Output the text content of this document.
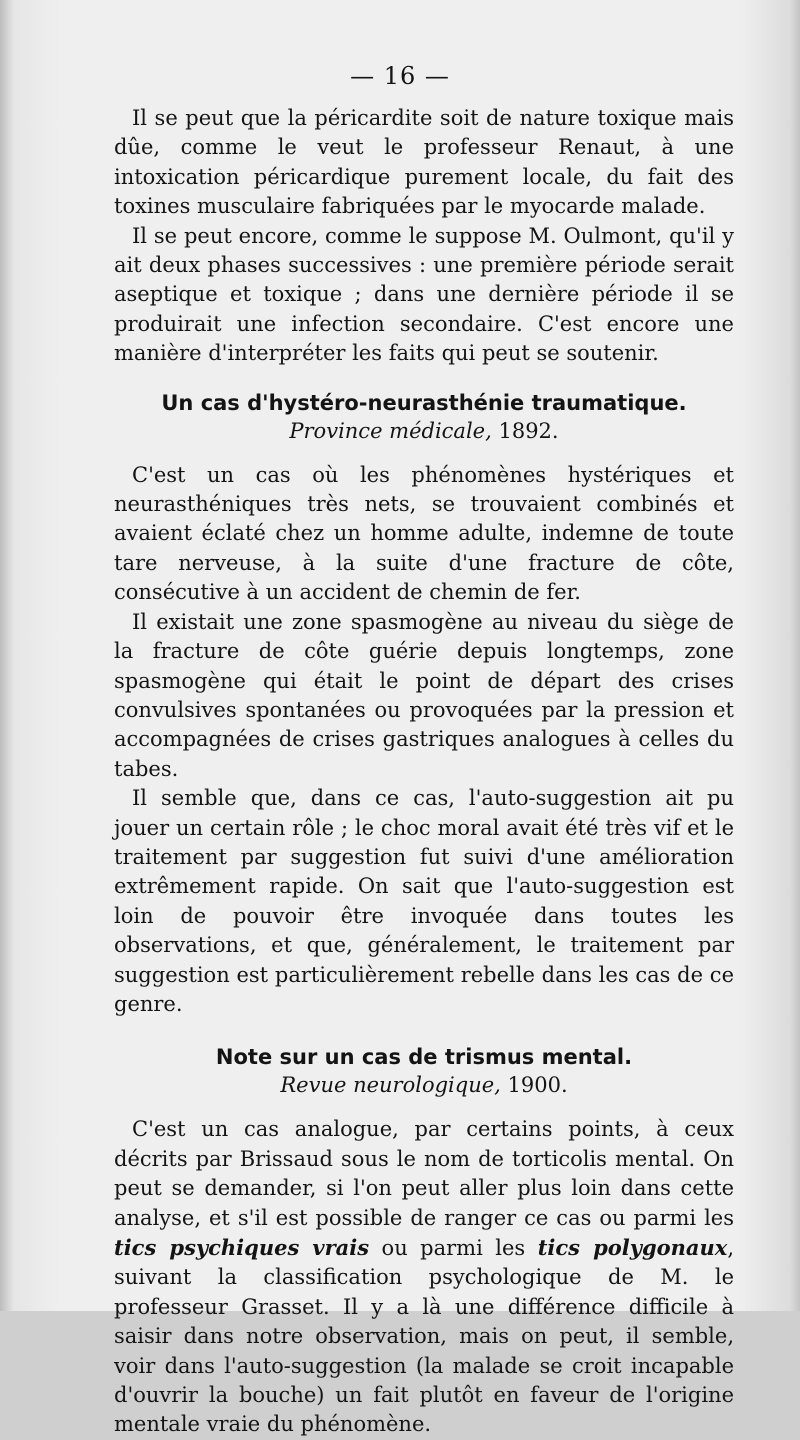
— 16 —

Il se peut que la péricardite soit de nature toxique mais dûe, comme le veut le professeur Renaut, à une intoxication péricardique purement locale, du fait des toxines musculaire fabriquées par le myocarde malade.

Il se peut encore, comme le suppose M. Oulmont, qu'il y ait deux phases successives : une première période serait aseptique et toxique ; dans une dernière période il se produirait une infection secondaire. C'est encore une manière d'interpréter les faits qui peut se soutenir.

Un cas d'hystéro-neurasthénie traumatique.
Province médicale, 1892.

C'est un cas où les phénomènes hystériques et neurasthéniques très nets, se trouvaient combinés et avaient éclaté chez un homme adulte, indemne de toute tare nerveuse, à la suite d'une fracture de côte, consécutive à un accident de chemin de fer.

Il existait une zone spasmogène au niveau du siège de la fracture de côte guérie depuis longtemps, zone spasmogène qui était le point de départ des crises convulsives spontanées ou provoquées par la pression et accompagnées de crises gastriques analogues à celles du tabes.

Il semble que, dans ce cas, l'auto-suggestion ait pu jouer un certain rôle ; le choc moral avait été très vif et le traitement par suggestion fut suivi d'une amélioration extrêmement rapide. On sait que l'auto-suggestion est loin de pouvoir être invoquée dans toutes les observations, et que, généralement, le traitement par suggestion est particulièrement rebelle dans les cas de ce genre.

Note sur un cas de trismus mental.
Revue neurologique, 1900.

C'est un cas analogue, par certains points, à ceux décrits par Brissaud sous le nom de torticolis mental. On peut se demander, si l'on peut aller plus loin dans cette analyse, et s'il est possible de ranger ce cas ou parmi les tics psychiques vrais ou parmi les tics polygonaux, suivant la classification psychologique de M. le professeur Grasset. Il y a là une différence difficile à saisir dans notre observation, mais on peut, il semble, voir dans l'auto-suggestion (la malade se croit incapable d'ouvrir la bouche) un fait plutôt en faveur de l'origine mentale vraie du phénomène.
